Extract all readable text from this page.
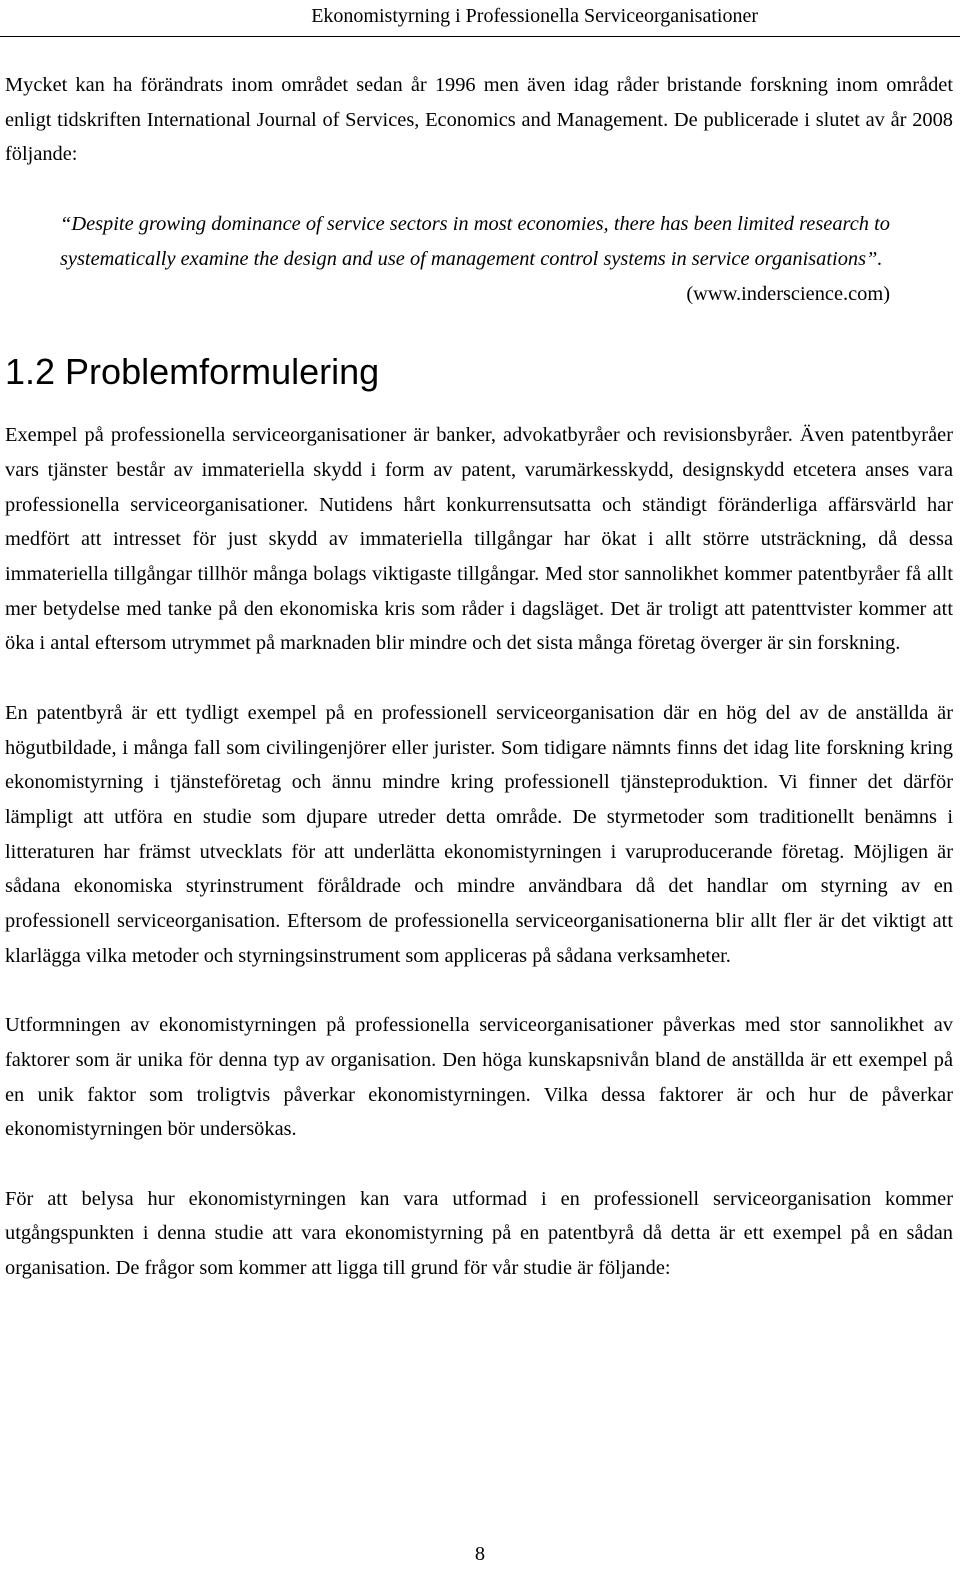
Ekonomistyrning i Professionella Serviceorganisationer

Mycket kan ha förändrats inom området sedan år 1996 men även idag råder bristande forskning inom området enligt tidskriften International Journal of Services, Economics and Management. De publicerade i slutet av år 2008 följande:

“ Despite growing dominance of service sectors in most economies, there has been limited research to systematically examine the design and use of management control systems in service organisations ”.
(www.inderscience.com)
1.2 Problemformulering

Exempel på professionella serviceorganisationer är banker, advokatbyråer och revisionsbyråer. Även patentbyråer vars tjänster består av immateriella skydd i form av patent, varumärkesskydd, designskydd etcetera anses vara professionella serviceorganisationer. Nutidens hårt konkurrensutsatta och ständigt föränderliga affärsvärld har medfört att intresset för just skydd av immateriella tillgångar har ökat i allt större utsträckning, då dessa immateriella tillgångar tillhör många bolags viktigaste tillgångar. Med stor sannolikhet kommer patentbyråer få allt mer betydelse med tanke på den ekonomiska kris som råder i dagsläget. Det är troligt att patenttvister kommer att öka i antal eftersom utrymmet på marknaden blir mindre och det sista många företag överger är sin forskning.

En patentbyrå är ett tydligt exempel på en professionell serviceorganisation där en hög del av de anställda är högutbildade, i många fall som civilingenjörer eller jurister. Som tidigare nämnts finns det idag lite forskning kring ekonomistyrning i tjänsteföretag och ännu mindre kring professionell tjänsteproduktion. Vi finner det därför lämpligt att utföra en studie som djupare utreder detta område. De styrmetoder som traditionellt benämns i litteraturen har främst utvecklats för att underlätta ekonomistyrningen i varuproducerande företag. Möjligen är sådana ekonomiska styrinstrument föråldrade och mindre användbara då det handlar om styrning av en professionell serviceorganisation. Eftersom de professionella serviceorganisationerna blir allt fler är det viktigt att klarlägga vilka metoder och styrningsinstrument som appliceras på sådana verksamheter.

Utformningen av ekonomistyrningen på professionella serviceorganisationer påverkas med stor sannolikhet av faktorer som är unika för denna typ av organisation. Den höga kunskapsnivån bland de anställda är ett exempel på en unik faktor som troligtvis påverkar ekonomistyrningen. Vilka dessa faktorer är och hur de påverkar ekonomistyrningen bör undersökas.

För att belysa hur ekonomistyrningen kan vara utformad i en professionell serviceorganisation kommer utgångspunkten i denna studie att vara ekonomistyrning på en patentbyrå då detta är ett exempel på en sådan organisation. De frågor som kommer att ligga till grund för vår studie är följande:

8
